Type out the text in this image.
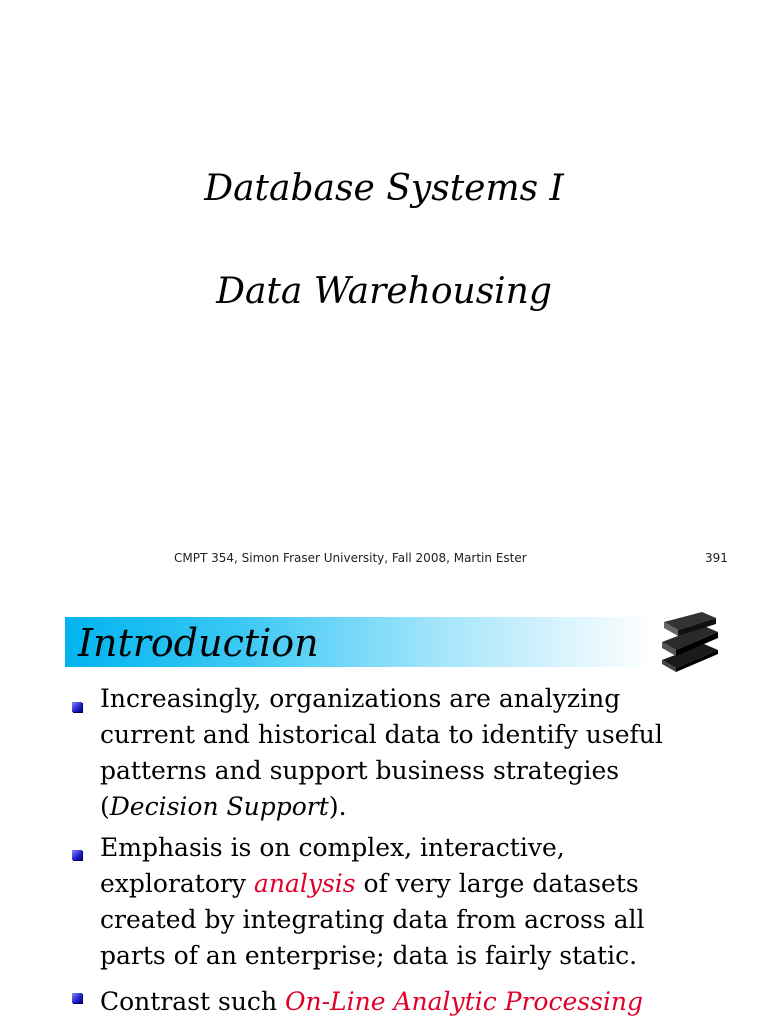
Database Systems I
Data Warehousing
CMPT 354, Simon Fraser University, Fall 2008, Martin Ester	391
Introduction
Increasingly, organizations are analyzing
current and historical data to identify useful
patterns and support business strategies
(Decision Support).
Emphasis is on complex, interactive,
exploratory analysis of very large datasets
created by integrating data from across all
parts of an enterprise; data is fairly static.
Contrast such On-Line Analytic Processing
